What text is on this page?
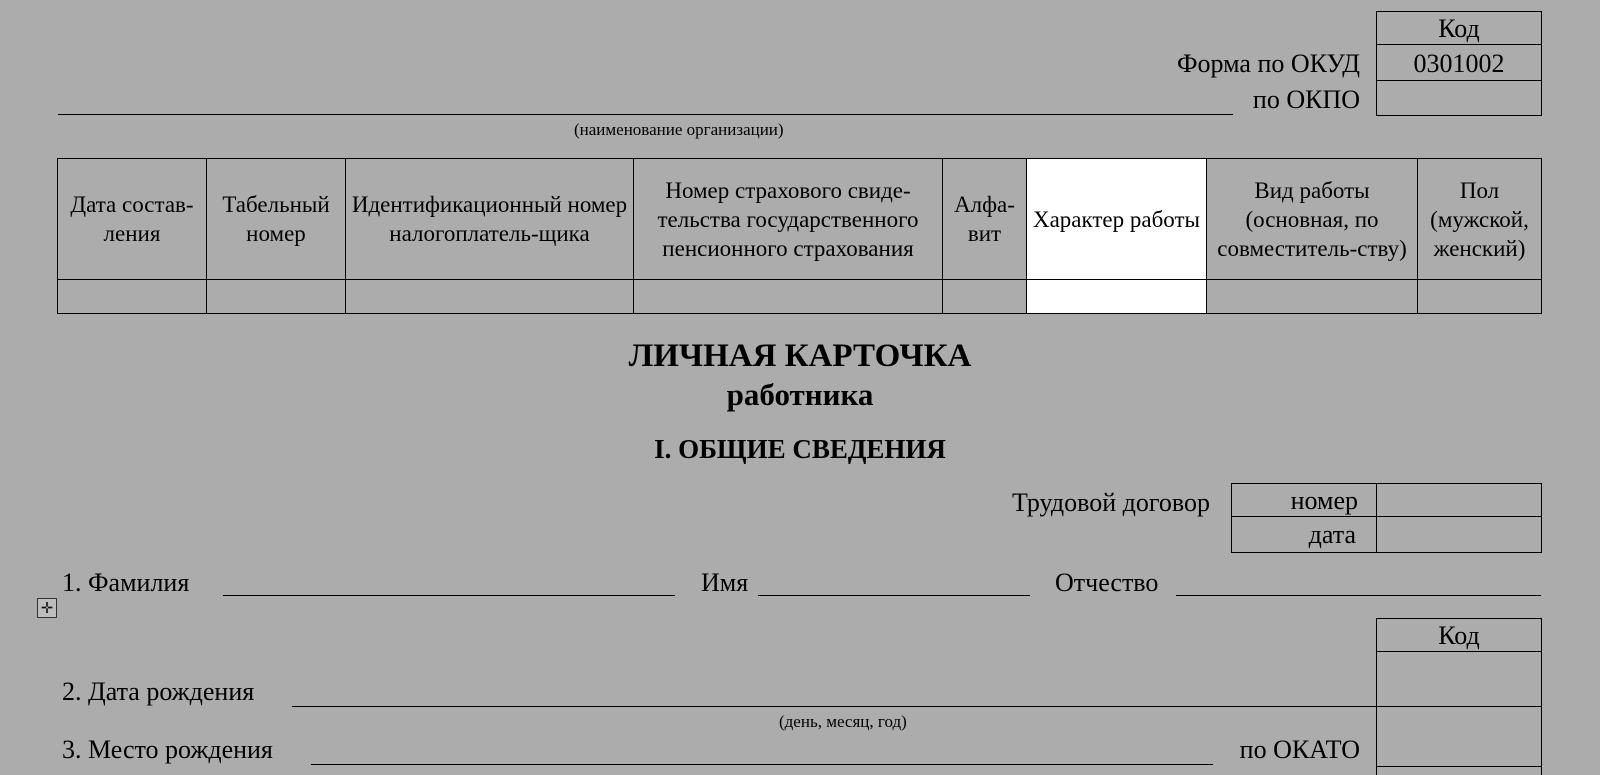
Код
0301002
Форма по ОКУД
по ОКПО
(наименование организации)
Дата состав-ления	Табельный номер	Идентификационный номер налогоплатель-щика	Номер страхового свиде-тельства государственного пенсионного страхования	Алфа-вит	Характер работы	Вид работы (основная, по совместитель-ству)	Пол (мужской, женский)

ЛИЧНАЯ КАРТОЧКА
работника
I. ОБЩИЕ СВЕДЕНИЯ
Трудовой договор	номер
дата
1. Фамилия	Имя	Отчество
✛
Код
2. Дата рождения
(день, месяц, год)
3. Место рождения	по ОКАТО
